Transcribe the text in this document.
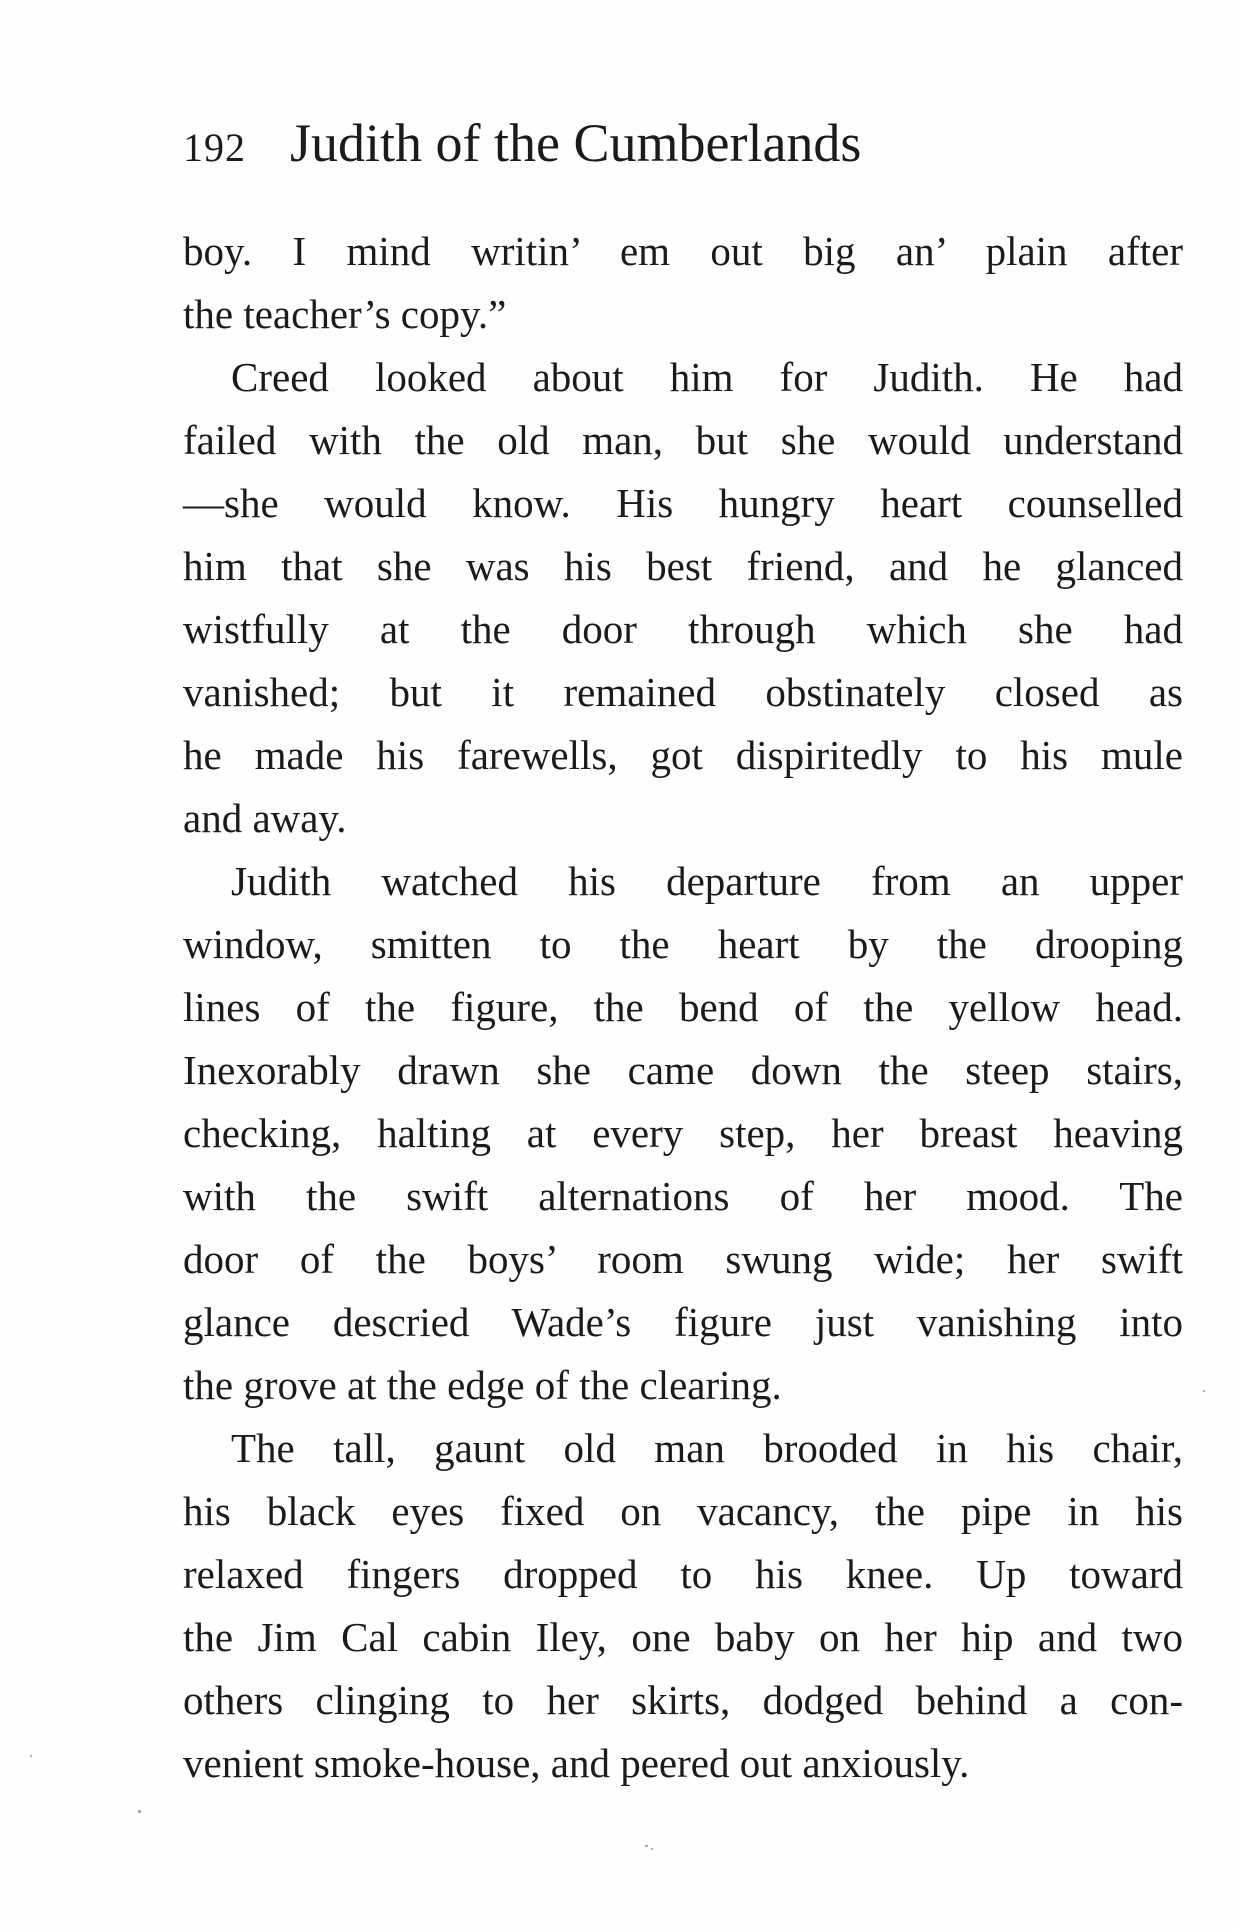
192 Judith of the Cumberlands
boy. I mind writin’ em out big an’ plain after
the teacher’s copy.”
Creed looked about him for Judith. He had
failed with the old man, but she would understand
—she would know. His hungry heart counselled
him that she was his best friend, and he glanced
wistfully at the door through which she had
vanished; but it remained obstinately closed as
he made his farewells, got dispiritedly to his mule
and away.
Judith watched his departure from an upper
window, smitten to the heart by the drooping
lines of the figure, the bend of the yellow head.
Inexorably drawn she came down the steep stairs,
checking, halting at every step, her breast heaving
with the swift alternations of her mood. The
door of the boys’ room swung wide; her swift
glance descried Wade’s figure just vanishing into
the grove at the edge of the clearing.
The tall, gaunt old man brooded in his chair,
his black eyes fixed on vacancy, the pipe in his
relaxed fingers dropped to his knee. Up toward
the Jim Cal cabin Iley, one baby on her hip and two
others clinging to her skirts, dodged behind a con-
venient smoke-house, and peered out anxiously.
